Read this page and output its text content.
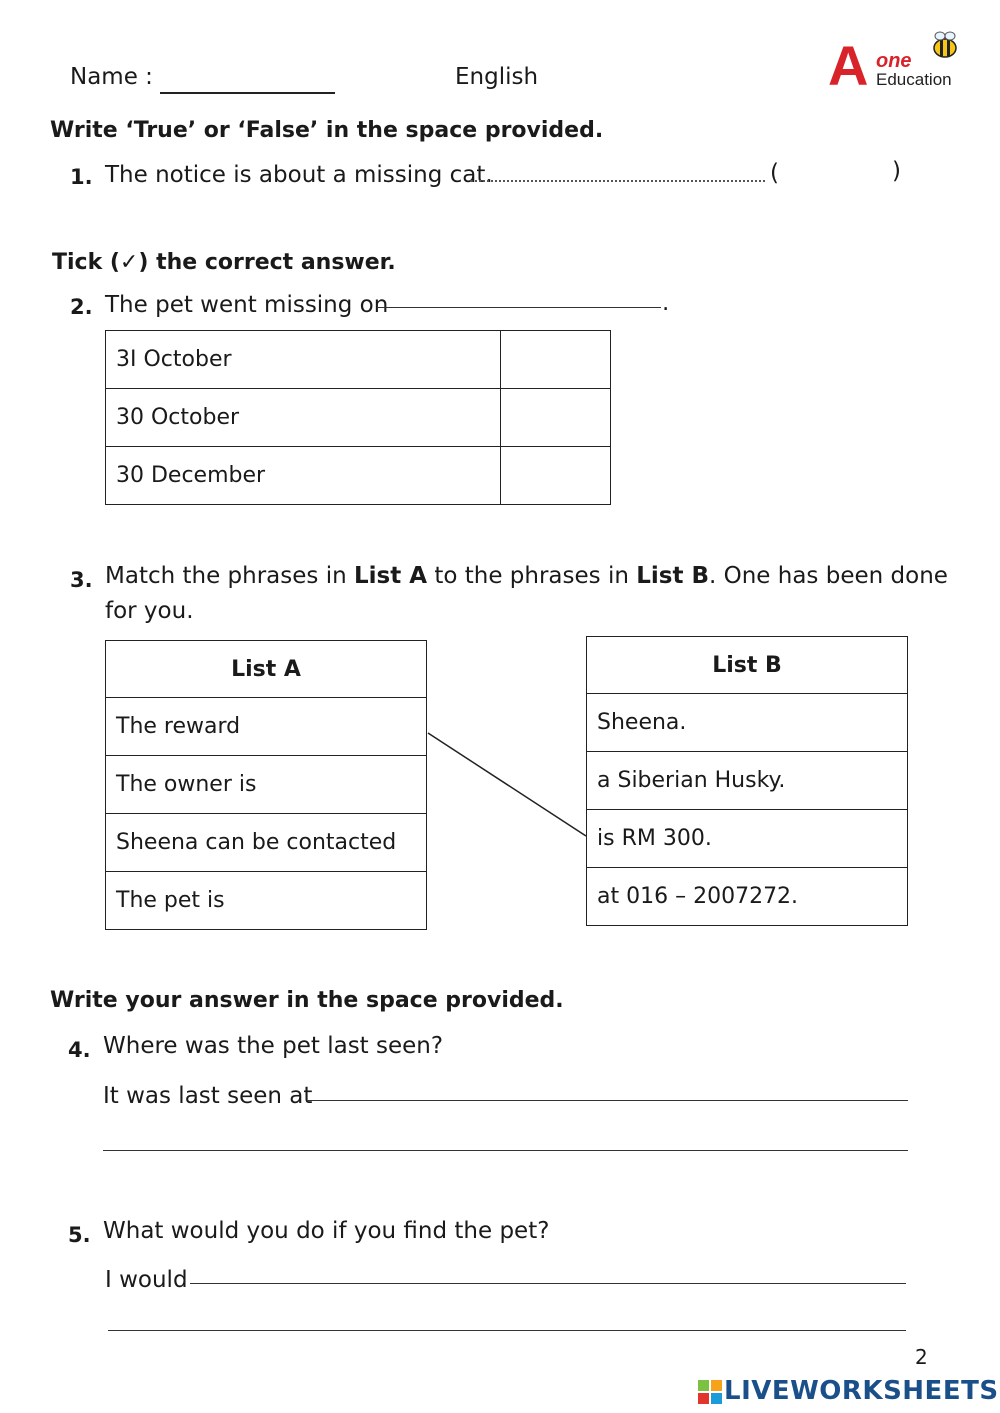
Name :	English	A one
Education
Write ‘True’ or ‘False’ in the space provided.
1. The notice is about a missing cat.	(	)
Tick (✓) the correct answer.
2. The pet went missing on	.
3I October	
30 October	
30 December	
3. Match the phrases in List A to the phrases in List B. One has been done
for you.
List A
The reward
The owner is
Sheena can be contacted
The pet is
List B
Sheena.
a Siberian Husky.
is RM 300.
at 016 – 2007272.
Write your answer in the space provided.
4. Where was the pet last seen?
It was last seen at
5. What would you do if you find the pet?
I would
2
LIVEWORKSHEETS
